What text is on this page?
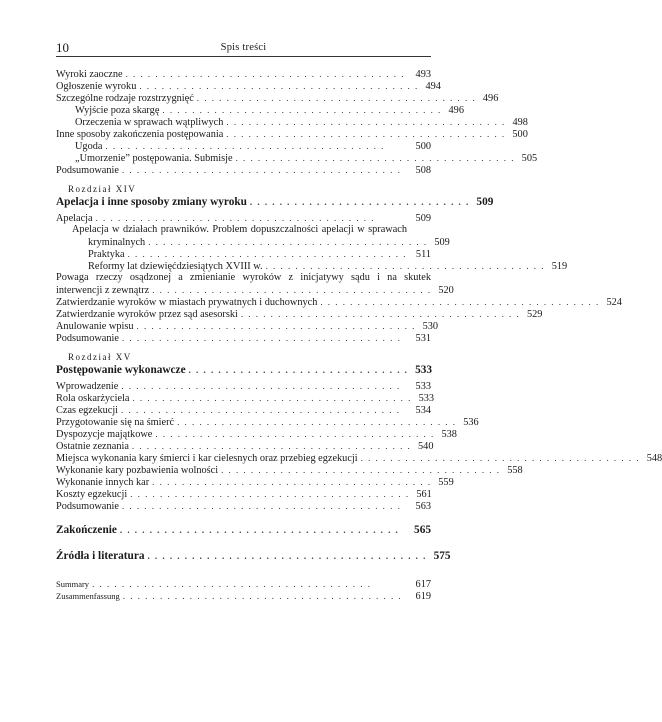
10	Spis treści
Wyroki zaoczne ...................................... 493
Ogłoszenie wyroku ...................................... 494
Szczególne rodzaje rozstrzygnięć ...................................... 496
Wyjście poza skargę ...................................... 496
Orzeczenia w sprawach wątpliwych ...................................... 498
Inne sposoby zakończenia postępowania ...................................... 500
Ugoda ......................................	500
„Umorzenie” postępowania. Submisje ...................................... 505
Podsumowanie ......................................	508
Rozdział XIV
Apelacja i inne sposoby zmiany wyroku .............................. 509
Apelacja ......................................	509
Apelacja w działach prawników. Problem dopuszczalności apelacji w sprawach
kryminalnych ...................................... 509
Praktyka ...................................... 511
Reformy lat dziewięćdziesiątych XVIII w. ...................................... 519
Powaga rzeczy osądzonej a zmienianie wyroków z inicjatywy sądu i na skutek
interwencji z zewnątrz ...................................... 520
Zatwierdzanie wyroków w miastach prywatnych i duchownych ...................................... 524
Zatwierdzanie wyroków przez sąd asesorski ...................................... 529
Anulowanie wpisu ...................................... 530
Podsumowanie ......................................	531
Rozdział XV
Postępowanie wykonawcze .............................. 533
Wprowadzenie ......................................	533
Rola oskarżyciela ...................................... 533
Czas egzekucji ......................................	534
Przygotowanie się na śmierć ...................................... 536
Dyspozycje majątkowe ...................................... 538
Ostatnie zeznania ...................................... 540
Miejsca wykonania kary śmierci i kar cielesnych oraz przebieg egzekucji ...................................... 548
Wykonanie kary pozbawienia wolności ...................................... 558
Wykonanie innych kar ...................................... 559
Koszty egzekucji ...................................... 561
Podsumowanie ......................................	563
Zakończenie ...................................... 565
Źródła i literatura ...................................... 575
Summary ......................................	617
Zusammenfassung ...................................... 619
